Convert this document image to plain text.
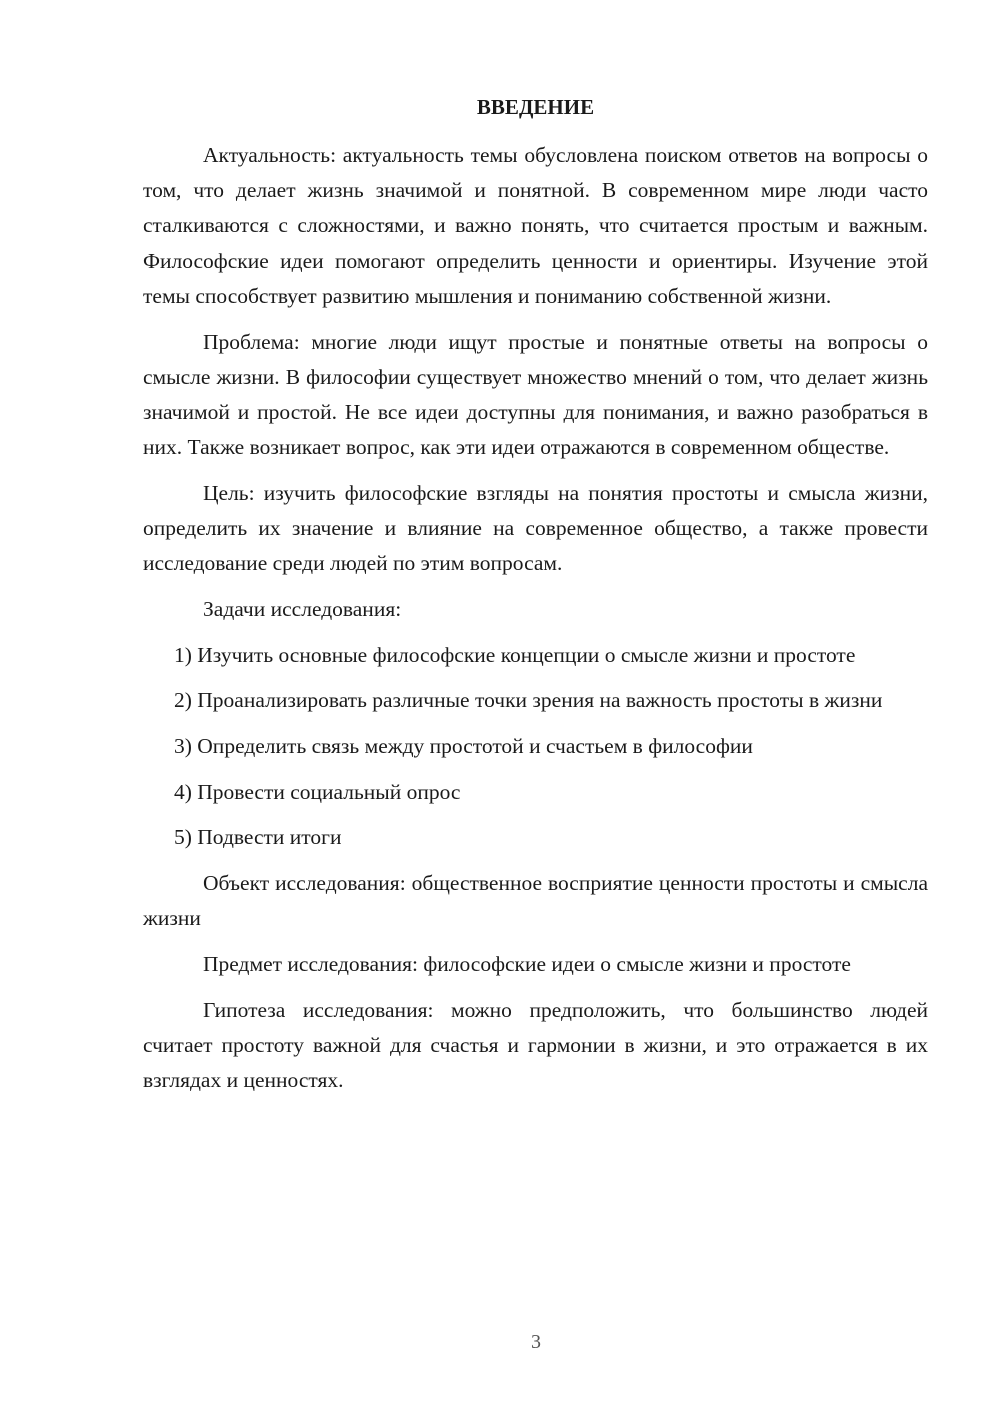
ВВЕДЕНИЕ

Актуальность: актуальность темы обусловлена поиском ответов на вопросы о том, что делает жизнь значимой и понятной. В современном мире люди часто сталкиваются с сложностями, и важно понять, что считается простым и важным. Философские идеи помогают определить ценности и ориентиры. Изучение этой темы способствует развитию мышления и пониманию собственной жизни.

Проблема: многие люди ищут простые и понятные ответы на вопросы о смысле жизни. В философии существует множество мнений о том, что делает жизнь значимой и простой. Не все идеи доступны для понимания, и важно разобраться в них. Также возникает вопрос, как эти идеи отражаются в современном обществе.

Цель: изучить философские взгляды на понятия простоты и смысла жизни, определить их значение и влияние на современное общество, а также провести исследование среди людей по этим вопросам.

Задачи исследования:

1) Изучить основные философские концепции о смысле жизни и простоте

2) Проанализировать различные точки зрения на важность простоты в жизни

3) Определить связь между простотой и счастьем в философии

4) Провести социальный опрос

5) Подвести итоги

Объект исследования: общественное восприятие ценности простоты и смысла жизни

Предмет исследования: философские идеи о смысле жизни и простоте

Гипотеза исследования: можно предположить, что большинство людей считает простоту важной для счастья и гармонии в жизни, и это отражается в их взглядах и ценностях.

3
